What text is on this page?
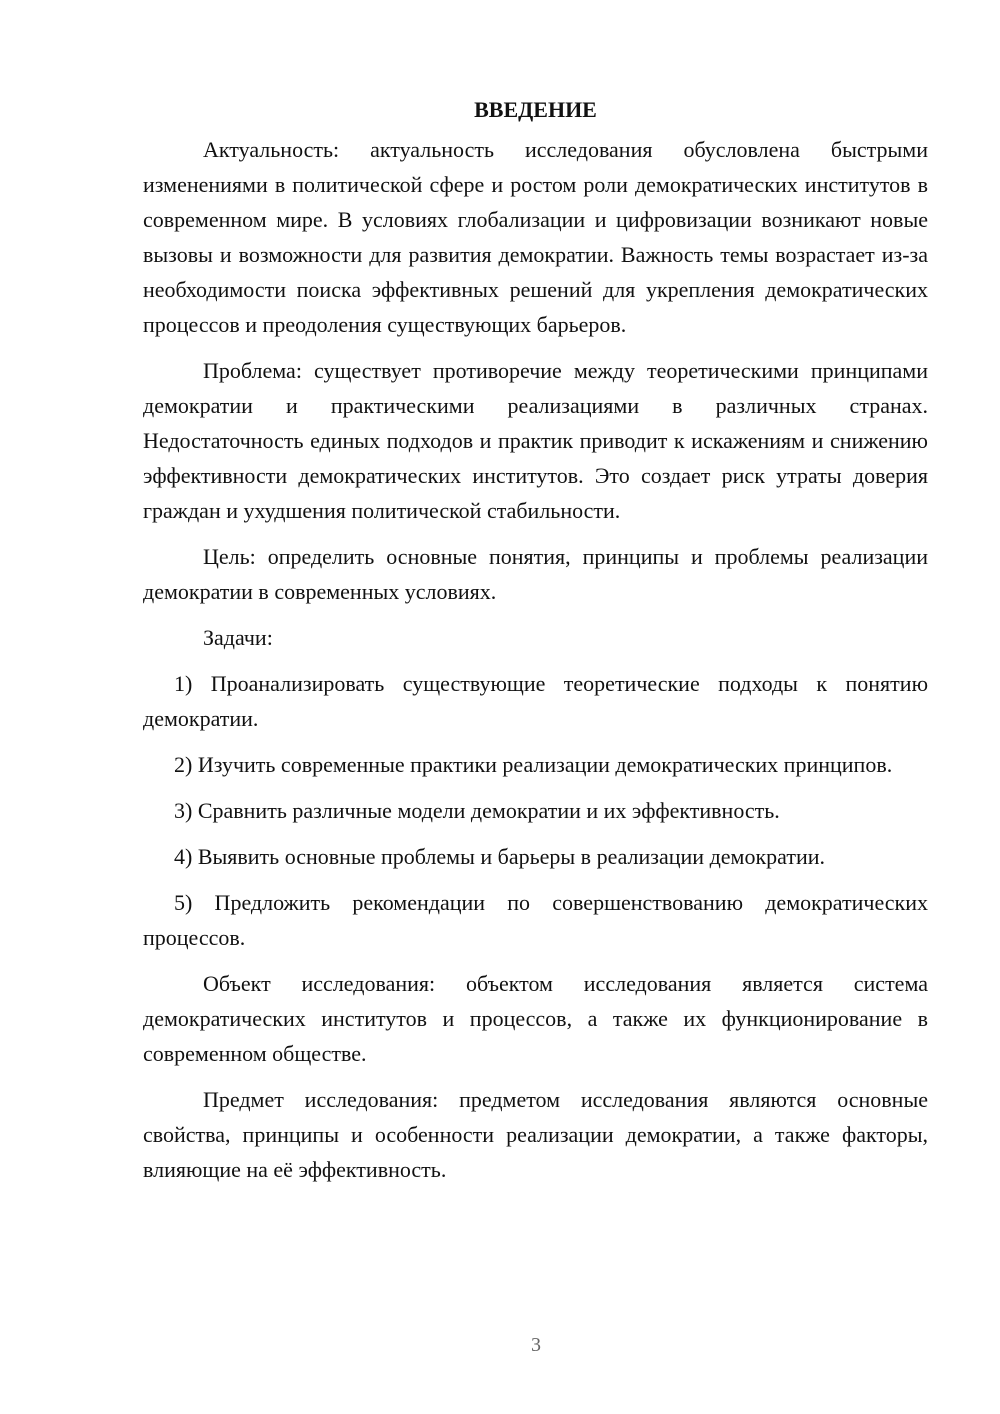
ВВЕДЕНИЕ

Актуальность: актуальность исследования обусловлена быстрыми изменениями в политической сфере и ростом роли демократических институтов в современном мире. В условиях глобализации и цифровизации возникают новые вызовы и возможности для развития демократии. Важность темы возрастает из-за необходимости поиска эффективных решений для укрепления демократических процессов и преодоления существующих барьеров.

Проблема: существует противоречие между теоретическими принципами демократии и практическими реализациями в различных странах. Недостаточность единых подходов и практик приводит к искажениям и снижению эффективности демократических институтов. Это создает риск утраты доверия граждан и ухудшения политической стабильности.

Цель: определить основные понятия, принципы и проблемы реализации демократии в современных условиях.

Задачи:

1) Проанализировать существующие теоретические подходы к понятию демократии.

2) Изучить современные практики реализации демократических принципов.

3) Сравнить различные модели демократии и их эффективность.

4) Выявить основные проблемы и барьеры в реализации демократии.

5) Предложить рекомендации по совершенствованию демократических процессов.

Объект исследования: объектом исследования является система демократических институтов и процессов, а также их функционирование в современном обществе.

Предмет исследования: предметом исследования являются основные свойства, принципы и особенности реализации демократии, а также факторы, влияющие на её эффективность.

3
